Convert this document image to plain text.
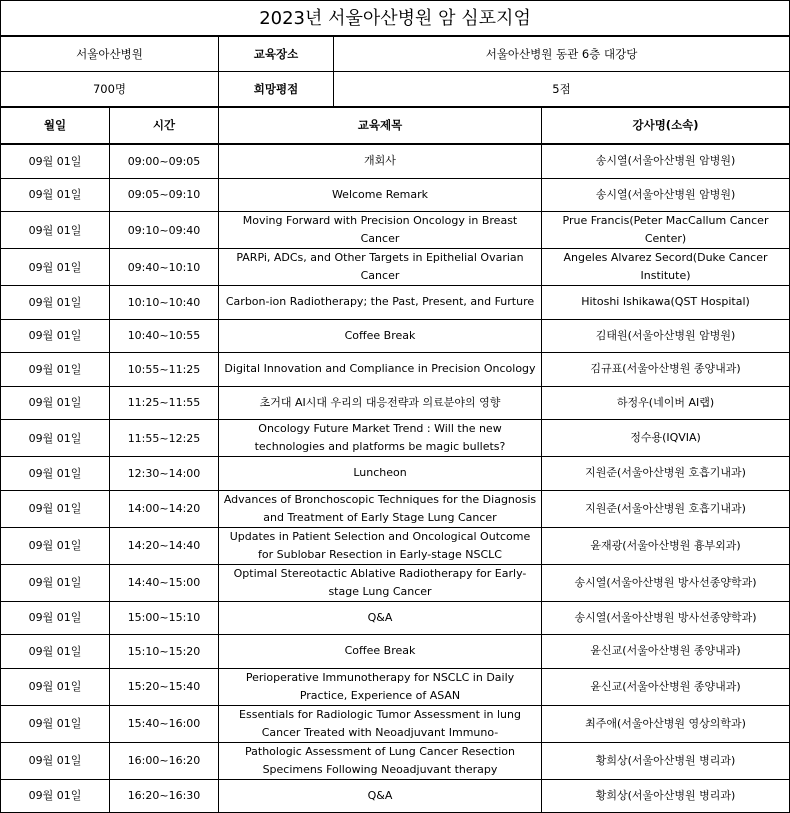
2023년 서울아산병원 암 심포지엄				
서울아산병원		교육장소	서울아산병원 동관 6층 대강당	
700명		희망평점	5점	
월일	시간	교육제목		강사명(소속)
09월 01일	09:00~09:05	개회사		송시열(서울아산병원 암병원)
09월 01일	09:05~09:10	Welcome Remark		송시열(서울아산병원 암병원)
09월 01일	09:10~09:40	Moving Forward with Precision Oncology in Breast Cancer		Prue Francis(Peter MacCallum Cancer Center)
09월 01일	09:40~10:10	PARPi, ADCs, and Other Targets in Epithelial Ovarian Cancer		Angeles Alvarez Secord(Duke Cancer Institute)
09월 01일	10:10~10:40	Carbon-ion Radiotherapy; the Past, Present, and Furture		Hitoshi Ishikawa(QST Hospital)
09월 01일	10:40~10:55	Coffee Break		김태원(서울아산병원 암병원)
09월 01일	10:55~11:25	Digital Innovation and Compliance in Precision Oncology		김규표(서울아산병원 종양내과)
09월 01일	11:25~11:55	초거대 AI시대 우리의 대응전략과 의료분야의 영향		하정우(네이버 AI랩)
09월 01일	11:55~12:25	Oncology Future Market Trend : Will the new technologies and platforms be magic bullets?		정수용(IQVIA)
09월 01일	12:30~14:00	Luncheon		지원준(서울아산병원 호흡기내과)
09월 01일	14:00~14:20	Advances of Bronchoscopic Techniques for the Diagnosis and Treatment of Early Stage Lung Cancer		지원준(서울아산병원 호흡기내과)
09월 01일	14:20~14:40	Updates in Patient Selection and Oncological Outcome for Sublobar Resection in Early-stage NSCLC		윤재광(서울아산병원 흉부외과)
09월 01일	14:40~15:00	Optimal Stereotactic Ablative Radiotherapy for Early-stage Lung Cancer		송시열(서울아산병원 방사선종양학과)
09월 01일	15:00~15:10	Q&A		송시열(서울아산병원 방사선종양학과)
09월 01일	15:10~15:20	Coffee Break		윤신교(서울아산병원 종양내과)
09월 01일	15:20~15:40	Perioperative Immunotherapy for NSCLC in Daily Practice, Experience of ASAN		윤신교(서울아산병원 종양내과)
09월 01일	15:40~16:00	Essentials for Radiologic Tumor Assessment in lung Cancer Treated with Neoadjuvant Immuno-		최주애(서울아산병원 영상의학과)
09월 01일	16:00~16:20	Pathologic Assessment of Lung Cancer Resection Specimens Following Neoadjuvant therapy		황희상(서울아산병원 병리과)
09월 01일	16:20~16:30	Q&A		황희상(서울아산병원 병리과)
